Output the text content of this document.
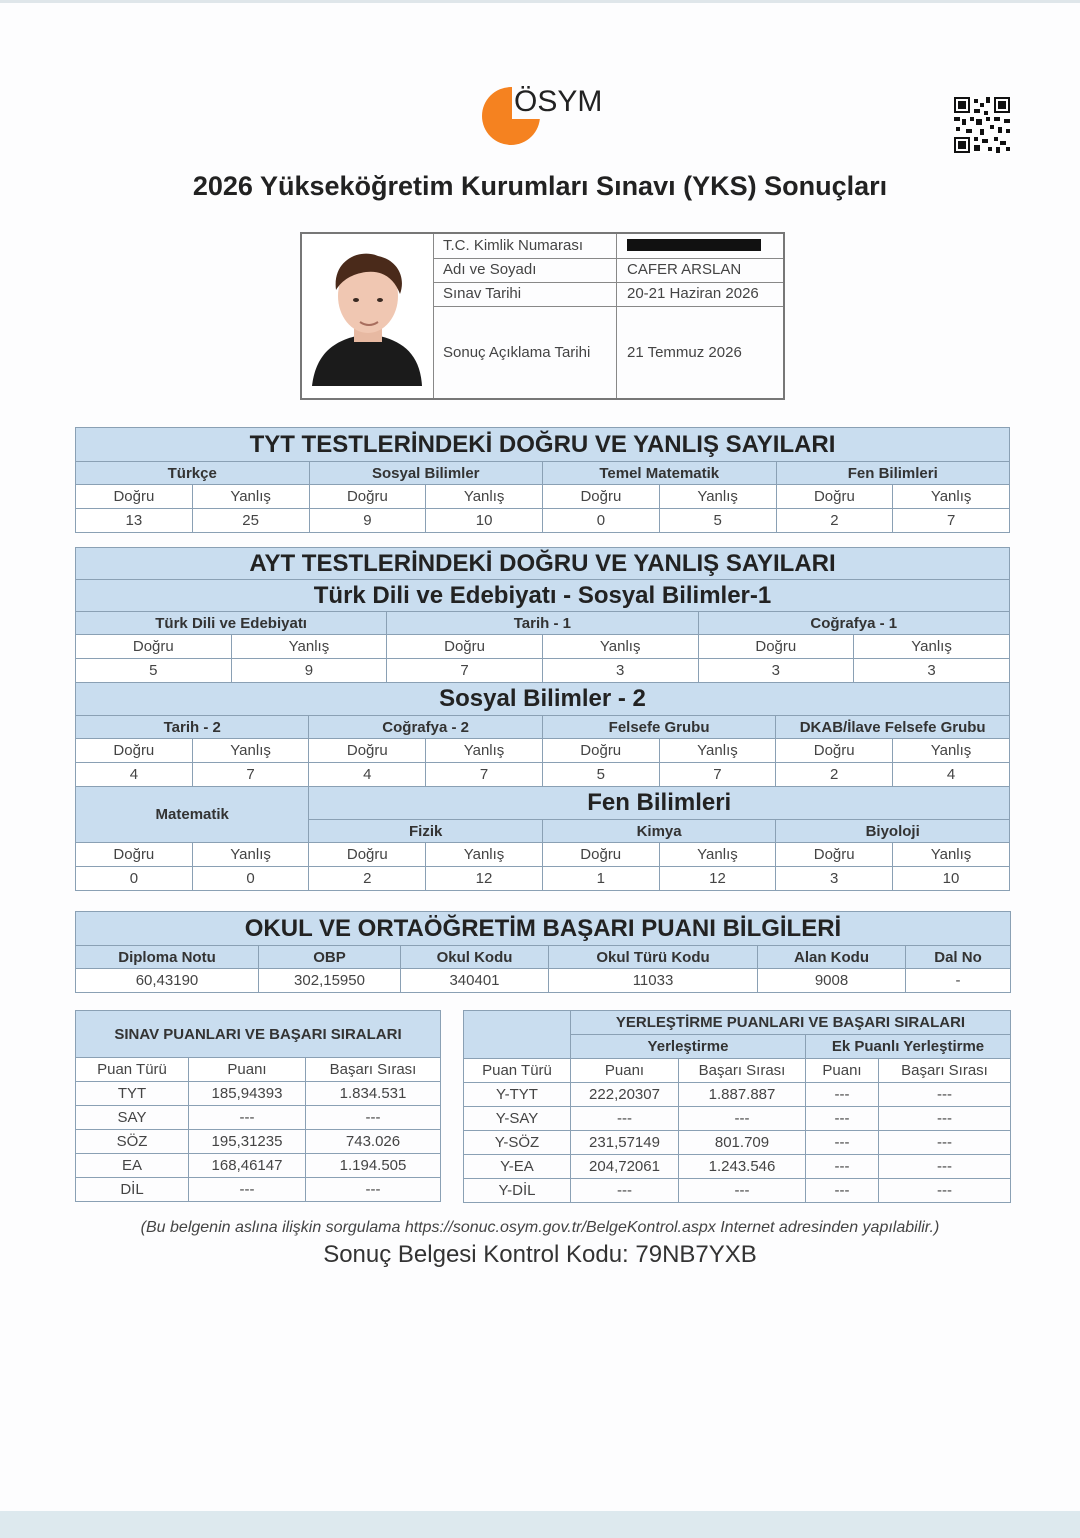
ÖSYM
2026 Yükseköğretim Kurumları Sınavı (YKS) Sonuçları
T.C. Kimlik Numarası
Adı ve Soyadı	CAFER ARSLAN
Sınav Tarihi	20-21 Haziran 2026
Sonuç Açıklama Tarihi	21 Temmuz 2026
TYT TESTLERİNDEKİ DOĞRU VE YANLIŞ SAYILARI							
Türkçe		Sosyal Bilimler		Temel Matematik		Fen Bilimleri	
Doğru	Yanlış	Doğru	Yanlış	Doğru	Yanlış	Doğru	Yanlış
13	25	9	10	0	5	2	7
AYT TESTLERİNDEKİ DOĞRU VE YANLIŞ SAYILARI											
Türk Dili ve Edebiyatı - Sosyal Bilimler-1											
Türk Dili ve Edebiyatı				Tarih - 1				Coğrafya - 1			
Doğru		Yanlış		Doğru		Yanlış		Doğru		Yanlış	
5		9		7		3		3		3	
Sosyal Bilimler - 2											
Tarih - 2			Coğrafya - 2			Felsefe Grubu			DKAB/İlave Felsefe Grubu		
Doğru	Yanlış		Doğru		Yanlış	Doğru	Yanlış		Doğru		Yanlış
4	7		4		7	5	7		2		4
Matematik			Fen Bilimleri								
			Fizik			Kimya			Biyoloji		
Doğru	Yanlış		Doğru		Yanlış	Doğru	Yanlış		Doğru		Yanlış
0	0		2		12	1	12		3		10
OKUL VE ORTAÖĞRETİM BAŞARI PUANI BİLGİLERİ					
Diploma Notu	OBP	Okul Kodu	Okul Türü Kodu	Alan Kodu	Dal No
60,43190	302,15950	340401	11033	9008	-
SINAV PUANLARI VE BAŞARI SIRALARI		
Puan Türü	Puanı	Başarı Sırası
TYT	185,94393	1.834.531
SAY	---	---
SÖZ	195,31235	743.026
EA	168,46147	1.194.505
DİL	---	---
	YERLEŞTİRME PUANLARI VE BAŞARI SIRALARI			
	Yerleştirme		Ek Puanlı Yerleştirme	
Puan Türü	Puanı	Başarı Sırası	Puanı	Başarı Sırası
Y-TYT	222,20307	1.887.887	---	---
Y-SAY	---	---	---	---
Y-SÖZ	231,57149	801.709	---	---
Y-EA	204,72061	1.243.546	---	---
Y-DİL	---	---	---	---
(Bu belgenin aslına ilişkin sorgulama https://sonuc.osym.gov.tr/BelgeKontrol.aspx Internet adresinden yapılabilir.)
Sonuç Belgesi Kontrol Kodu: 79NB7YXB
